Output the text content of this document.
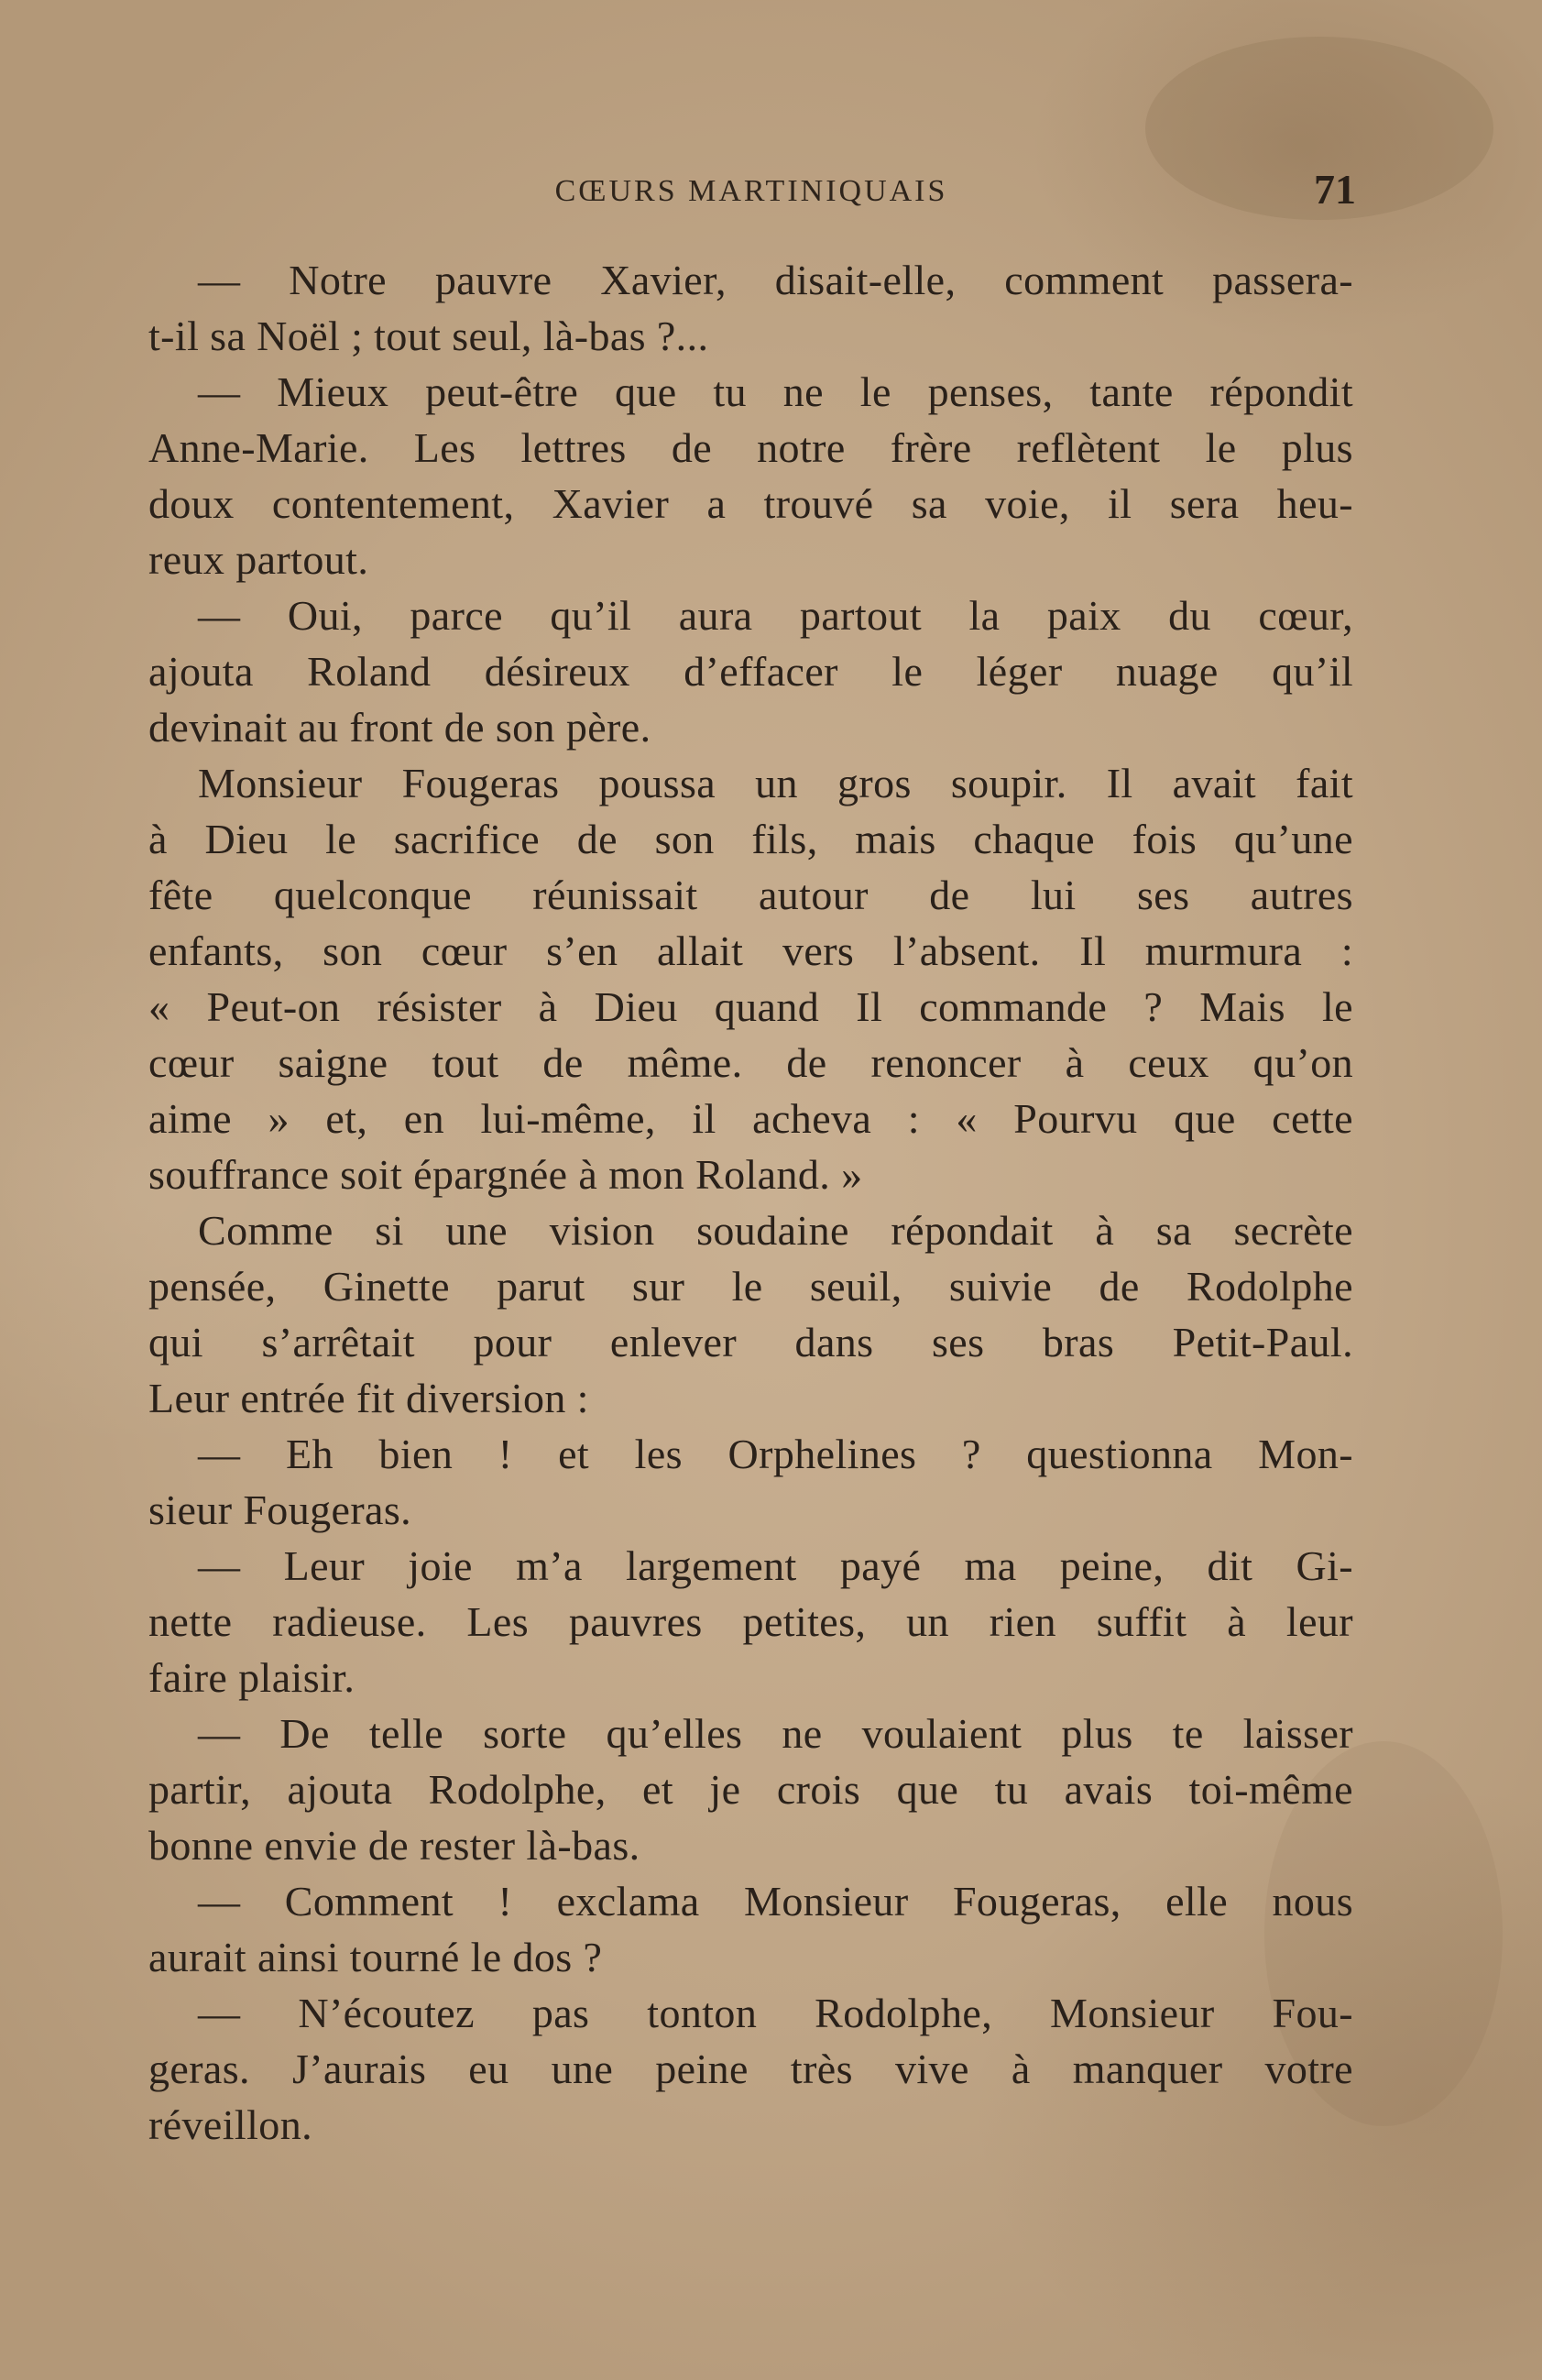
CŒURS MARTINIQUAIS	71
— Notre pauvre Xavier, disait-elle, comment passera-
t-il sa Noël ; tout seul, là-bas ?...
— Mieux peut-être que tu ne le penses, tante répondit
Anne-Marie. Les lettres de notre frère reflètent le plus
doux contentement, Xavier a trouvé sa voie, il sera heu-
reux partout.
— Oui, parce qu’il aura partout la paix du cœur,
ajouta Roland désireux d’effacer le léger nuage qu’il
devinait au front de son père.
Monsieur Fougeras poussa un gros soupir. Il avait fait
à Dieu le sacrifice de son fils, mais chaque fois qu’une
fête quelconque réunissait autour de lui ses autres
enfants, son cœur s’en allait vers l’absent. Il murmura :
« Peut-on résister à Dieu quand Il commande ? Mais le
cœur saigne tout de même. de renoncer à ceux qu’on
aime » et, en lui-même, il acheva : « Pourvu que cette
souffrance soit épargnée à mon Roland. »
Comme si une vision soudaine répondait à sa secrète
pensée, Ginette parut sur le seuil, suivie de Rodolphe
qui s’arrêtait pour enlever dans ses bras Petit-Paul.
Leur entrée fit diversion :
— Eh bien ! et les Orphelines ? questionna Mon-
sieur Fougeras.
— Leur joie m’a largement payé ma peine, dit Gi-
nette radieuse. Les pauvres petites, un rien suffit à leur
faire plaisir.
— De telle sorte qu’elles ne voulaient plus te laisser
partir, ajouta Rodolphe, et je crois que tu avais toi-même
bonne envie de rester là-bas.
— Comment ! exclama Monsieur Fougeras, elle nous
aurait ainsi tourné le dos ?
— N’écoutez pas tonton Rodolphe, Monsieur Fou-
geras. J’aurais eu une peine très vive à manquer votre
réveillon.
